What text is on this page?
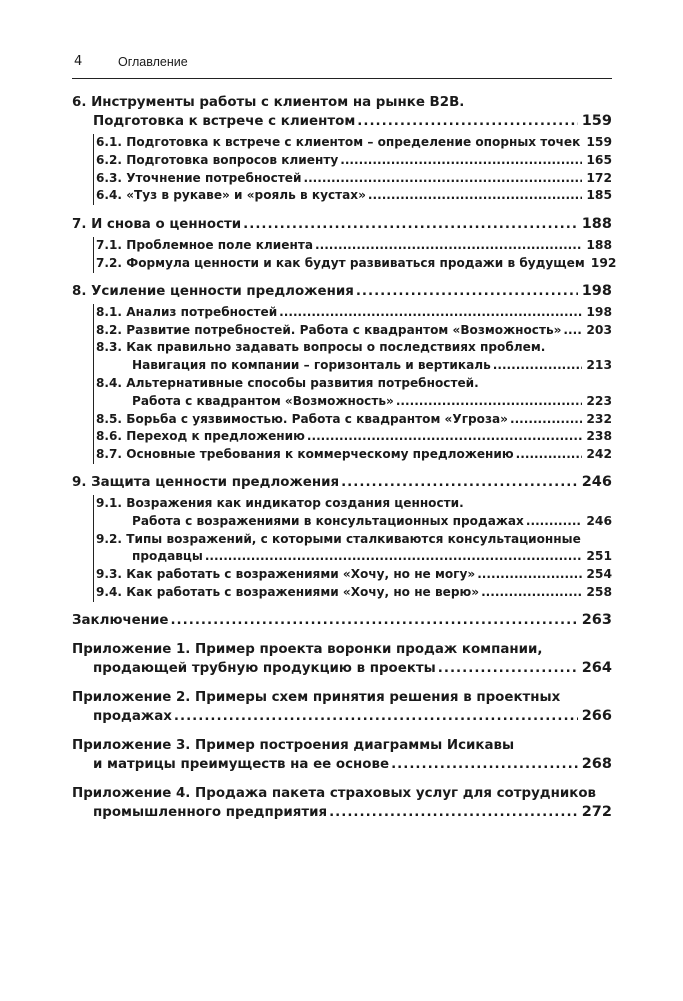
4	Оглавление
6. Инструменты работы с клиентом на рынке B2B.
Подготовка к встрече с клиентом .....	159
6.1. Подготовка к встрече с клиентом – определение опорных точек 159
6.2. Подготовка вопросов клиенту .....	165
6.3. Уточнение потребностей .....	172
6.4. «Туз в рукаве» и «рояль в кустах» .....	185
7. И снова о ценности .....	188
7.1. Проблемное поле клиента .....	188
7.2. Формула ценности и как будут развиваться продажи в будущем 192
8. Усиление ценности предложения .....	198
8.1. Анализ потребностей .....	198
8.2. Развитие потребностей. Работа с квадрантом «Возможность» ..... 203
8.3. Как правильно задавать вопросы о последствиях проблем.
Навигация по компании – горизонталь и вертикаль .....	213
8.4. Альтернативные способы развития потребностей.
Работа с квадрантом «Возможность» .....	223
8.5. Борьба с уязвимостью. Работа с квадрантом «Угроза» .....	232
8.6. Переход к предложению .....	238
8.7. Основные требования к коммерческому предложению .....	242
9. Защита ценности предложения .....	246
9.1. Возражения как индикатор создания ценности.
Работа с возражениями в консультационных продажах .....	246
9.2. Типы возражений, с которыми сталкиваются консультационные
продавцы .....	251
9.3. Как работать с возражениями «Хочу, но не могу» .....	254
9.4. Как работать с возражениями «Хочу, но не верю» .....	258
Заключение .....	263
Приложение 1. Пример проекта воронки продаж компании,
продающей трубную продукцию в проекты .....	264
Приложение 2. Примеры схем принятия решения в проектных
продажах .....	266
Приложение 3. Пример построения диаграммы Исикавы
и матрицы преимуществ на ее основе .....	268
Приложение 4. Продажа пакета страховых услуг для сотрудников
промышленного предприятия .....	272
